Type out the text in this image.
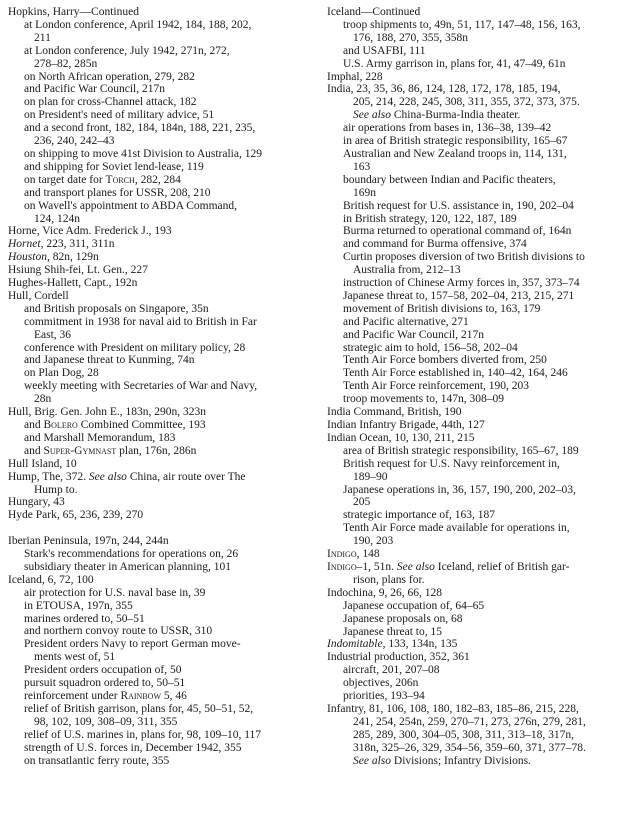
Hopkins, Harry—Continued
at London conference, April 1942, 184, 188, 202,
211
at London conference, July 1942, 271n, 272,
278–82, 285n
on North African operation, 279, 282
and Pacific War Council, 217n
on plan for cross-Channel attack, 182
on President's need of military advice, 51
and a second front, 182, 184, 184n, 188, 221, 235,
236, 240, 242–43
on shipping to move 41st Division to Australia, 129
and shipping for Soviet lend-lease, 119
on target date for Torch, 282, 284
and transport planes for USSR, 208, 210
on Wavell's appointment to ABDA Command,
124, 124n
Horne, Vice Adm. Frederick J., 193
Hornet, 223, 311, 311n
Houston, 82n, 129n
Hsiung Shih-fei, Lt. Gen., 227
Hughes-Hallett, Capt., 192n
Hull, Cordell
and British proposals on Singapore, 35n
commitment in 1938 for naval aid to British in Far
East, 36
conference with President on military policy, 28
and Japanese threat to Kunming, 74n
on Plan Dog, 28
weekly meeting with Secretaries of War and Navy,
28n
Hull, Brig. Gen. John E., 183n, 290n, 323n
and Bolero Combined Committee, 193
and Marshall Memorandum, 183
and Super-Gymnast plan, 176n, 286n
Hull Island, 10
Hump, The, 372. See also China, air route over The
Hump to.
Hungary, 43
Hyde Park, 65, 236, 239, 270
Iberian Peninsula, 197n, 244, 244n
Stark's recommendations for operations on, 26
subsidiary theater in American planning, 101
Iceland, 6, 72, 100
air protection for U.S. naval base in, 39
in ETOUSA, 197n, 355
marines ordered to, 50–51
and northern convoy route to USSR, 310
President orders Navy to report German move-
ments west of, 51
President orders occupation of, 50
pursuit squadron ordered to, 50–51
reinforcement under Rainbow 5, 46
relief of British garrison, plans for, 45, 50–51, 52,
98, 102, 109, 308–09, 311, 355
relief of U.S. marines in, plans for, 98, 109–10, 117
strength of U.S. forces in, December 1942, 355
on transatlantic ferry route, 355
Iceland—Continued
troop shipments to, 49n, 51, 117, 147–48, 156, 163,
176, 188, 270, 355, 358n
and USAFBI, 111
U.S. Army garrison in, plans for, 41, 47–49, 61n
Imphal, 228
India, 23, 35, 36, 86, 124, 128, 172, 178, 185, 194,
205, 214, 228, 245, 308, 311, 355, 372, 373, 375.
See also China-Burma-India theater.
air operations from bases in, 136–38, 139–42
in area of British strategic responsibility, 165–67
Australian and New Zealand troops in, 114, 131,
163
boundary between Indian and Pacific theaters,
169n
British request for U.S. assistance in, 190, 202–04
in British strategy, 120, 122, 187, 189
Burma returned to operational command of, 164n
and command for Burma offensive, 374
Curtin proposes diversion of two British divisions to
Australia from, 212–13
instruction of Chinese Army forces in, 357, 373–74
Japanese threat to, 157–58, 202–04, 213, 215, 271
movement of British divisions to, 163, 179
and Pacific alternative, 271
and Pacific War Council, 217n
strategic aim to hold, 156–58, 202–04
Tenth Air Force bombers diverted from, 250
Tenth Air Force established in, 140–42, 164, 246
Tenth Air Force reinforcement, 190, 203
troop movements to, 147n, 308–09
India Command, British, 190
Indian Infantry Brigade, 44th, 127
Indian Ocean, 10, 130, 211, 215
area of British strategic responsibility, 165–67, 189
British request for U.S. Navy reinforcement in,
189–90
Japanese operations in, 36, 157, 190, 200, 202–03,
205
strategic importance of, 163, 187
Tenth Air Force made available for operations in,
190, 203
Indigo, 148
Indigo–1, 51n. See also Iceland, relief of British gar-
rison, plans for.
Indochina, 9, 26, 66, 128
Japanese occupation of, 64–65
Japanese proposals on, 68
Japanese threat to, 15
Indomitable, 133, 134n, 135
Industrial production, 352, 361
aircraft, 201, 207–08
objectives, 206n
priorities, 193–94
Infantry, 81, 106, 108, 180, 182–83, 185–86, 215, 228,
241, 254, 254n, 259, 270–71, 273, 276n, 279, 281,
285, 289, 300, 304–05, 308, 311, 313–18, 317n,
318n, 325–26, 329, 354–56, 359–60, 371, 377–78.
See also Divisions; Infantry Divisions.
